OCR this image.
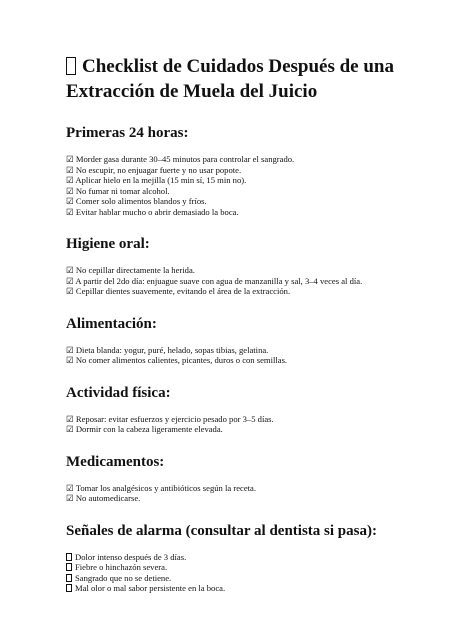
Checklist de Cuidados Después de una Extracción de Muela del Juicio
Primeras 24 horas:
☑ Morder gasa durante 30–45 minutos para controlar el sangrado.
☑ No escupir, no enjuagar fuerte y no usar popote.
☑ Aplicar hielo en la mejilla (15 min sí, 15 min no).
☑ No fumar ni tomar alcohol.
☑ Comer solo alimentos blandos y fríos.
☑ Evitar hablar mucho o abrir demasiado la boca.
Higiene oral:
☑ No cepillar directamente la herida.
☑ A partir del 2do día: enjuague suave con agua de manzanilla y sal, 3–4 veces al día.
☑ Cepillar dientes suavemente, evitando el área de la extracción.
Alimentación:
☑ Dieta blanda: yogur, puré, helado, sopas tibias, gelatina.
☑ No comer alimentos calientes, picantes, duros o con semillas.
Actividad física:
☑ Reposar: evitar esfuerzos y ejercicio pesado por 3–5 días.
☑ Dormir con la cabeza ligeramente elevada.
Medicamentos:
☑ Tomar los analgésicos y antibióticos según la receta.
☑ No automedicarse.
Señales de alarma (consultar al dentista si pasa):
Dolor intenso después de 3 días.
Fiebre o hinchazón severa.
Sangrado que no se detiene.
Mal olor o mal sabor persistente en la boca.
